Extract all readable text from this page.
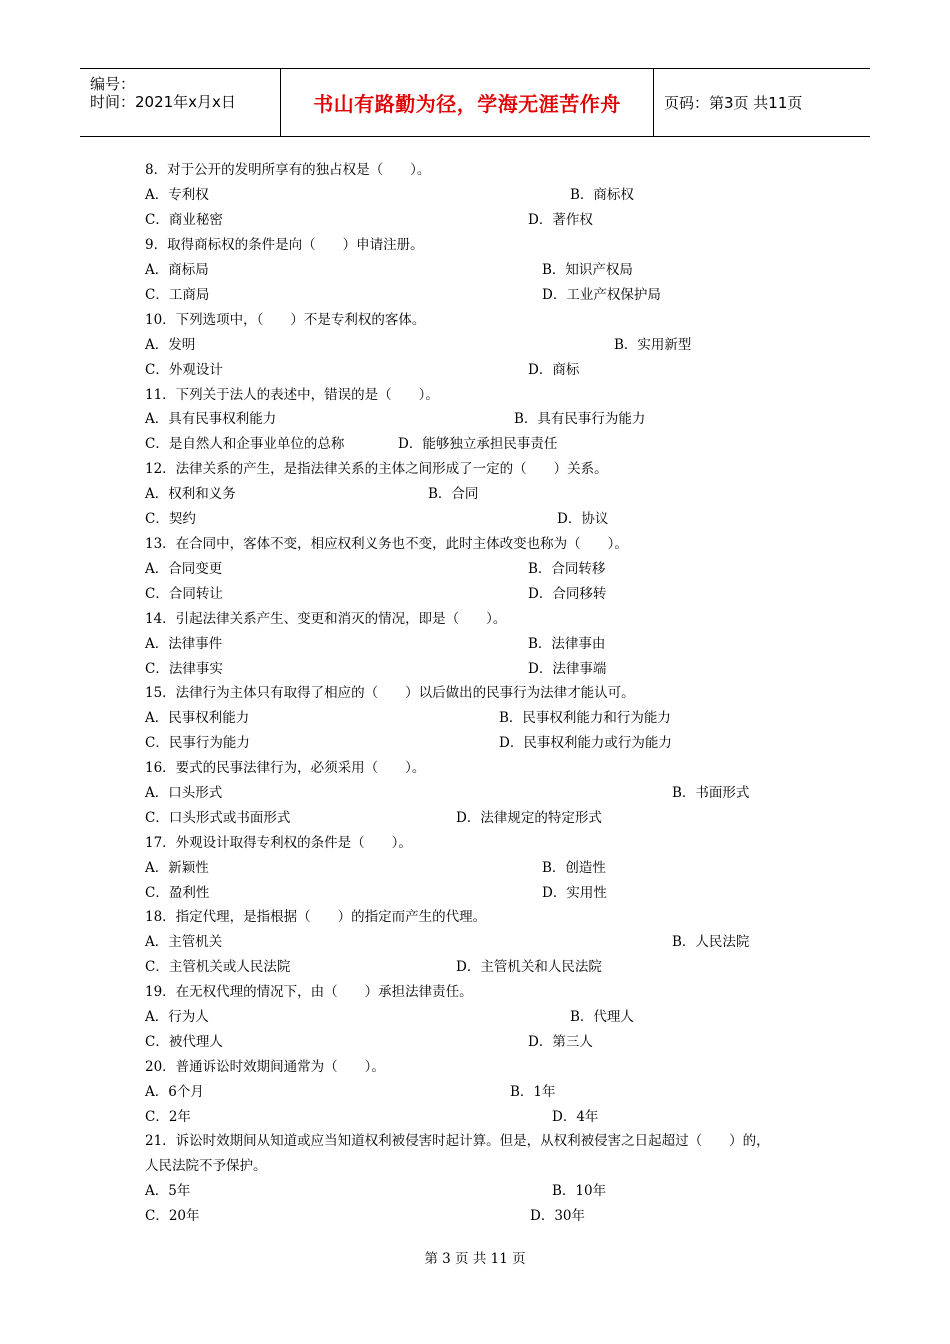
编号：
时间：2021年x月x日	书山有路勤为径，学海无涯苦作舟	页码：第3页 共11页
8．对于公开的发明所享有的独占权是（　　）。
A．专利权	B．商标权
C．商业秘密	D．著作权
9．取得商标权的条件是向（　　）申请注册。
A．商标局	B．知识产权局
C．工商局	D．工业产权保护局
10．下列选项中，（　　）不是专利权的客体。
A．发明	B．实用新型
C．外观设计	D．商标
11．下列关于法人的表述中，错误的是（　　）。
A．具有民事权利能力	B．具有民事行为能力
C．是自然人和企事业单位的总称	D．能够独立承担民事责任
12．法律关系的产生，是指法律关系的主体之间形成了一定的（　　）关系。
A．权利和义务	B．合同
C．契约	D．协议
13．在合同中，客体不变，相应权利义务也不变，此时主体改变也称为（　　）。
A．合同变更	B．合同转移
C．合同转让	D．合同移转
14．引起法律关系产生、变更和消灭的情况，即是（　　）。
A．法律事件	B．法律事由
C．法律事实	D．法律事端
15．法律行为主体只有取得了相应的（　　）以后做出的民事行为法律才能认可。
A．民事权利能力	B．民事权利能力和行为能力
C．民事行为能力	D．民事权利能力或行为能力
16．要式的民事法律行为，必须采用（　　）。
A．口头形式	B．书面形式
C．口头形式或书面形式	D．法律规定的特定形式
17．外观设计取得专利权的条件是（　　）。
A．新颖性	B．创造性
C．盈利性	D．实用性
18．指定代理，是指根据（　　）的指定而产生的代理。
A．主管机关	B．人民法院
C．主管机关或人民法院	D．主管机关和人民法院
19．在无权代理的情况下，由（　　）承担法律责任。
A．行为人	B．代理人
C．被代理人	D．第三人
20．普通诉讼时效期间通常为（　　）。
A．6个月	B．1年
C．2年	D．4年
21．诉讼时效期间从知道或应当知道权利被侵害时起计算。但是，从权利被侵害之日起超过（　　）的，
人民法院不予保护。
A．5年	B．10年
C．20年	D．30年
第 3 页 共 11 页
